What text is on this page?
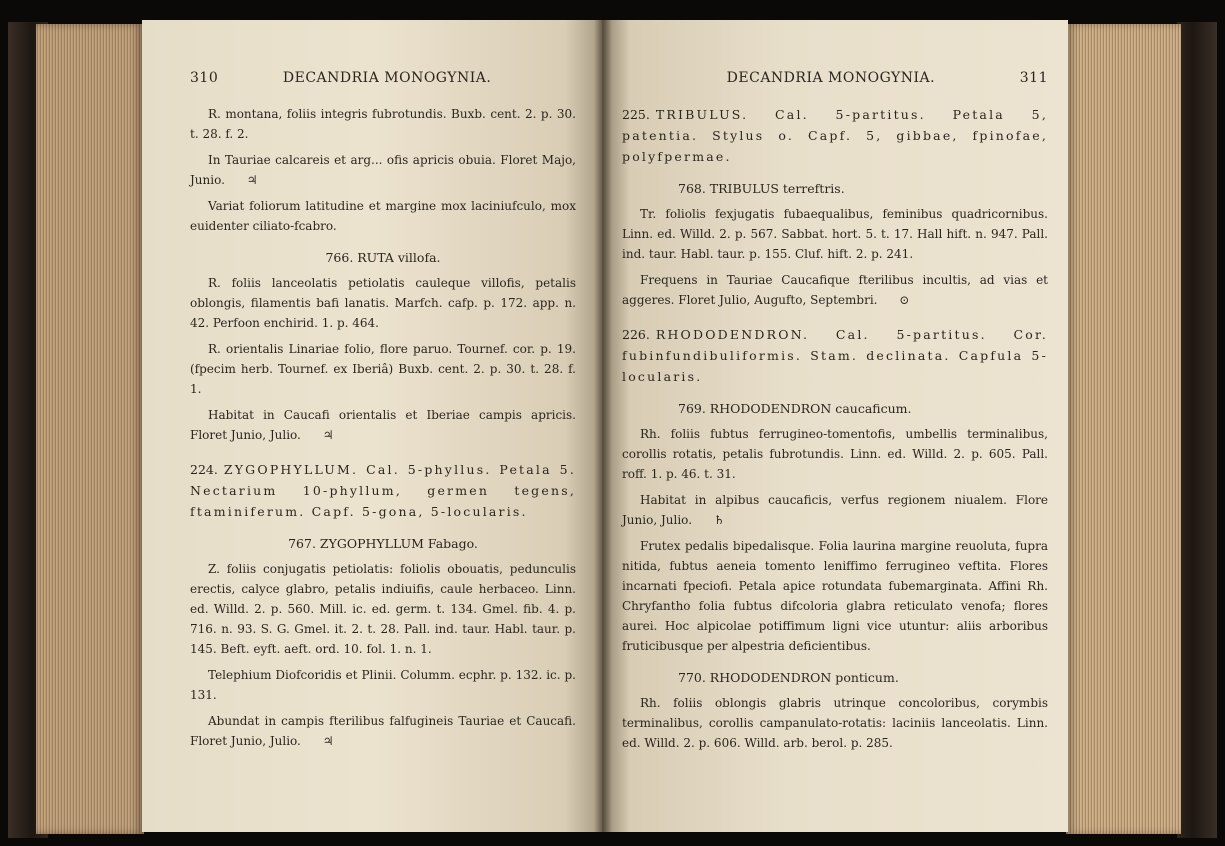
310	DECANDRIA MONOGYNIA.

R. montana, foliis integris fubrotundis. Buxb. cent. 2. p. 30. t. 28. f. 2.

In Tauriae calcareis et arg... ofis apricis obuia. Floret Majo, Junio. ♃

Variat foliorum latitudine et margine mox laciniufculo, mox euidenter ciliato-fcabro.

766. RUTA villofa.

R. foliis lanceolatis petiolatis cauleque villofis, petalis oblongis, filamentis bafi lanatis. Marfch. cafp. p. 172. app. n. 42. Perfoon enchirid. 1. p. 464.

R. orientalis Linariae folio, flore paruo. Tournef. cor. p. 19. (fpecim herb. Tournef. ex Iberiâ) Buxb. cent. 2. p. 30. t. 28. f. 1.

Habitat in Caucafi orientalis et Iberiae campis apricis. Floret Junio, Julio. ♃

224. ZYGOPHYLLUM. Cal. 5-phyllus. Petala 5. Nectarium 10-phyllum, germen tegens, ftaminiferum. Capf. 5-gona, 5-locularis.

767. ZYGOPHYLLUM Fabago.

Z. foliis conjugatis petiolatis: foliolis obouatis, pedunculis erectis, calyce glabro, petalis indiuifis, caule herbaceo. Linn. ed. Willd. 2. p. 560. Mill. ic. ed. germ. t. 134. Gmel. fib. 4. p. 716. n. 93. S. G. Gmel. it. 2. t. 28. Pall. ind. taur. Habl. taur. p. 145. Beft. eyft. aeft. ord. 10. fol. 1. n. 1.

Telephium Diofcoridis et Plinii. Columm. ecphr. p. 132. ic. p. 131.

Abundat in campis fterilibus falfugineis Tauriae et Caucafi. Floret Junio, Julio. ♃

DECANDRIA MONOGYNIA.	311

225. TRIBULUS. Cal. 5-partitus. Petala 5, patentia. Stylus o. Capf. 5, gibbae, fpinofae, polyfpermae.

768. TRIBULUS terreftris.

Tr. foliolis fexjugatis fubaequalibus, feminibus quadricornibus. Linn. ed. Willd. 2. p. 567. Sabbat. hort. 5. t. 17. Hall hift. n. 947. Pall. ind. taur. Habl. taur. p. 155. Cluf. hift. 2. p. 241.

Frequens in Tauriae Caucafique fterilibus incultis, ad vias et aggeres. Floret Julio, Augufto, Septembri. ⊙

226. RHODODENDRON. Cal. 5-partitus. Cor. fubinfundibuliformis. Stam. declinata. Capfula 5-locularis.

769. RHODODENDRON caucaficum.

Rh. foliis fubtus ferrugineo-tomentofis, umbellis terminalibus, corollis rotatis, petalis fubrotundis. Linn. ed. Willd. 2. p. 605. Pall. roff. 1. p. 46. t. 31.

Habitat in alpibus caucaficis, verfus regionem niualem. Flore Junio, Julio. ♄

Frutex pedalis bipedalisque. Folia laurina margine reuoluta, fupra nitida, fubtus aeneia tomento leniffimo ferrugineo veftita. Flores incarnati fpeciofi. Petala apice rotundata fubemarginata. Affini Rh. Chryfantho folia fubtus difcoloria glabra reticulato venofa; flores aurei. Hoc alpicolae potiffimum ligni vice utuntur: aliis arboribus fruticibusque per alpestria deficientibus.

770. RHODODENDRON ponticum.

Rh. foliis oblongis glabris utrinque concoloribus, corymbis terminalibus, corollis campanulato-rotatis: laciniis lanceolatis. Linn. ed. Willd. 2. p. 606. Willd. arb. berol. p. 285.
